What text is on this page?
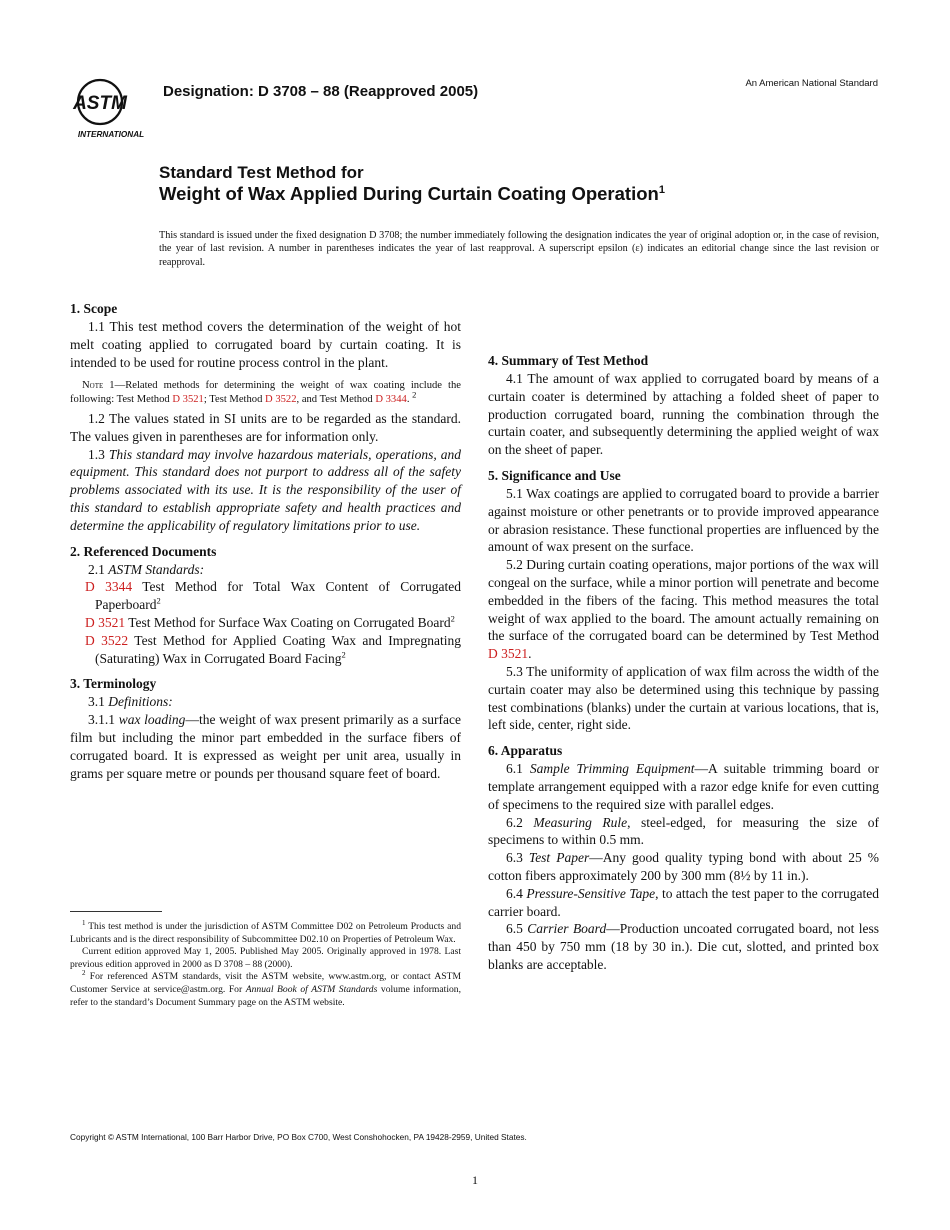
ASTM
INTERNATIONAL
Designation: D 3708 – 88 (Reapproved 2005)	An American National Standard
Standard Test Method for
Weight of Wax Applied During Curtain Coating Operation$^1$
This standard is issued under the fixed designation D 3708; the number immediately following the designation indicates the year of original adoption or, in the case of revision, the year of last revision. A number in parentheses indicates the year of last reapproval. A superscript epsilon (ε) indicates an editorial change since the last revision or reapproval.
1. Scope

1.1 This test method covers the determination of the weight of hot melt coating applied to corrugated board by curtain coating. It is intended to be used for routine process control in the plant.

Note 1—Related methods for determining the weight of wax coating include the following: Test Method D 3521; Test Method D 3522, and Test Method D 3344. $^2$

1.2 The values stated in SI units are to be regarded as the standard. The values given in parentheses are for information only.

1.3 This standard may involve hazardous materials, operations, and equipment. This standard does not purport to address all of the safety problems associated with its use. It is the responsibility of the user of this standard to establish appropriate safety and health practices and determine the applicability of regulatory limitations prior to use.

2. Referenced Documents

2.1 ASTM Standards:

D 3344 Test Method for Total Wax Content of Corrugated Paperboard$^2$

D 3521 Test Method for Surface Wax Coating on Corrugated Board$^2$

D 3522 Test Method for Applied Coating Wax and Impregnating (Saturating) Wax in Corrugated Board Facing$^2$

3. Terminology

3.1 Definitions:

3.1.1 wax loading—the weight of wax present primarily as a surface film but including the minor part embedded in the surface fibers of corrugated board. It is expressed as weight per unit area, usually in grams per square metre or pounds per thousand square feet of board.

4. Summary of Test Method

4.1 The amount of wax applied to corrugated board by means of a curtain coater is determined by attaching a folded sheet of paper to production corrugated board, running the combination through the curtain coater, and subsequently determining the applied weight of wax on the sheet of paper.

5. Significance and Use

5.1 Wax coatings are applied to corrugated board to provide a barrier against moisture or other penetrants or to provide improved appearance or abrasion resistance. These functional properties are influenced by the amount of wax present on the surface.

5.2 During curtain coating operations, major portions of the wax will congeal on the surface, while a minor portion will penetrate and become embedded in the fibers of the facing. This method measures the total weight of wax applied to the board. The amount actually remaining on the surface of the corrugated board can be determined by Test Method D 3521.

5.3 The uniformity of application of wax film across the width of the curtain coater may also be determined using this technique by passing test combinations (blanks) under the curtain at various locations, that is, left side, center, right side.

6. Apparatus

6.1 Sample Trimming Equipment—A suitable trimming board or template arrangement equipped with a razor edge knife for even cutting of specimens to the required size with parallel edges.

6.2 Measuring Rule, steel-edged, for measuring the size of specimens to within 0.5 mm.

6.3 Test Paper—Any good quality typing bond with about 25 % cotton fibers approximately 200 by 300 mm (8½ by 11 in.).

6.4 Pressure-Sensitive Tape, to attach the test paper to the corrugated carrier board.

6.5 Carrier Board—Production uncoated corrugated board, not less than 450 by 750 mm (18 by 30 in.). Die cut, slotted, and printed box blanks are acceptable.

$^1$ This test method is under the jurisdiction of ASTM Committee D02 on Petroleum Products and Lubricants and is the direct responsibility of Subcommittee D02.10 on Properties of Petroleum Wax.

Current edition approved May 1, 2005. Published May 2005. Originally approved in 1978. Last previous edition approved in 2000 as D 3708 – 88 (2000).

$^2$ For referenced ASTM standards, visit the ASTM website, www.astm.org, or contact ASTM Customer Service at service@astm.org. For Annual Book of ASTM Standards volume information, refer to the standard’s Document Summary page on the ASTM website.

Copyright © ASTM International, 100 Barr Harbor Drive, PO Box C700, West Conshohocken, PA 19428-2959, United States.
1
